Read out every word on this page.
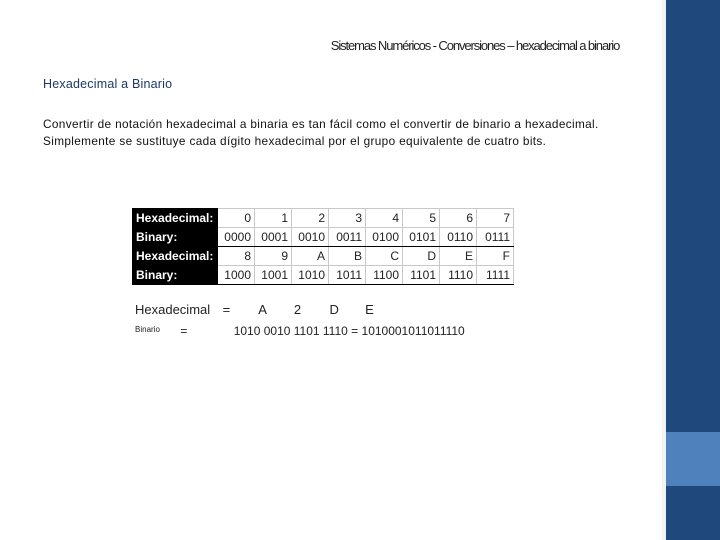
Sistemas Numéricos - Conversiones – hexadecimal a binario
Hexadecimal a Binario
Convertir de notación hexadecimal a binaria es tan fácil como el convertir de binario a hexadecimal.
Simplemente se sustituye cada dígito hexadecimal por el grupo equivalente de cuatro bits.
Hexadecimal:	0	1	2	3	4	5	6	7
Binary:	0000	0001	0010	0011	0100	0101	0110	0111
Hexadecimal:	8	9	A	B	C	D	E	F
Binary:	1000	1001	1010	1011	1100	1101	1110	1111
Hexadecimal = A 2 D E
Binario =	1010 0010 1101 1110 = 1010001011011110
